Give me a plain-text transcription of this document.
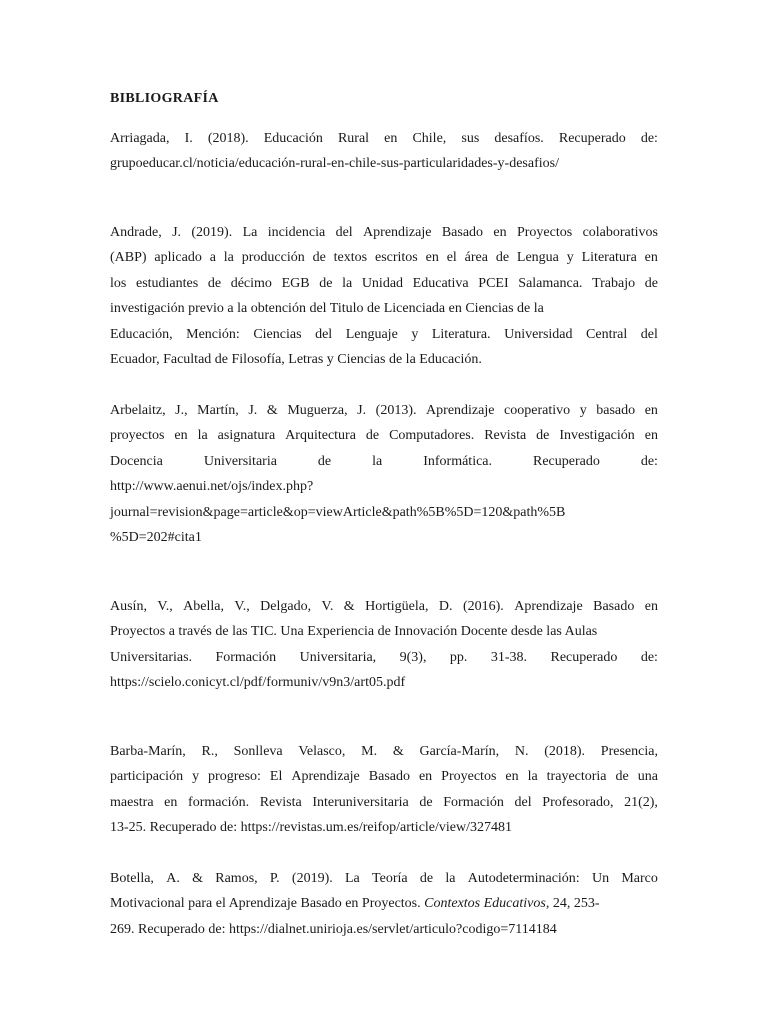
BIBLIOGRAFÍA
Arriagada, I. (2018). Educación Rural en Chile, sus desafíos. Recuperado de:
grupoeducar.cl/noticia/educación-rural-en-chile-sus-particularidades-y-desafios/
Andrade, J. (2019). La incidencia del Aprendizaje Basado en Proyectos colaborativos
(ABP) aplicado a la producción de textos escritos en el área de Lengua y Literatura en
los estudiantes de décimo EGB de la Unidad Educativa PCEI Salamanca. Trabajo de
investigación previo a la obtención del Titulo de Licenciada en Ciencias de la
Educación, Mención: Ciencias del Lenguaje y Literatura. Universidad Central del
Ecuador, Facultad de Filosofía, Letras y Ciencias de la Educación.
Arbelaitz, J., Martín, J. & Muguerza, J. (2013). Aprendizaje cooperativo y basado en
proyectos en la asignatura Arquitectura de Computadores. Revista de Investigación en
Docencia	Universitaria	de	la	Informática.	Recuperado	de:
http://www.aenui.net/ojs/index.php?
journal=revision&page=article&op=viewArticle&path%5B%5D=120&path%5B
%5D=202#cita1
Ausín, V., Abella, V., Delgado, V. & Hortigüela, D. (2016). Aprendizaje Basado en
Proyectos a través de las TIC. Una Experiencia de Innovación Docente desde las Aulas
Universitarias. Formación Universitaria, 9(3), pp. 31-38. Recuperado de:
https://scielo.conicyt.cl/pdf/formuniv/v9n3/art05.pdf
Barba-Marín, R., Sonlleva Velasco, M. & García-Marín, N. (2018). Presencia,
participación y progreso: El Aprendizaje Basado en Proyectos en la trayectoria de una
maestra en formación. Revista Interuniversitaria de Formación del Profesorado, 21(2),
13-25. Recuperado de: https://revistas.um.es/reifop/article/view/327481
Botella, A. & Ramos, P. (2019). La Teoría de la Autodeterminación: Un Marco
Motivacional para el Aprendizaje Basado en Proyectos. Contextos Educativos, 24, 253-
269. Recuperado de: https://dialnet.unirioja.es/servlet/articulo?codigo=7114184
